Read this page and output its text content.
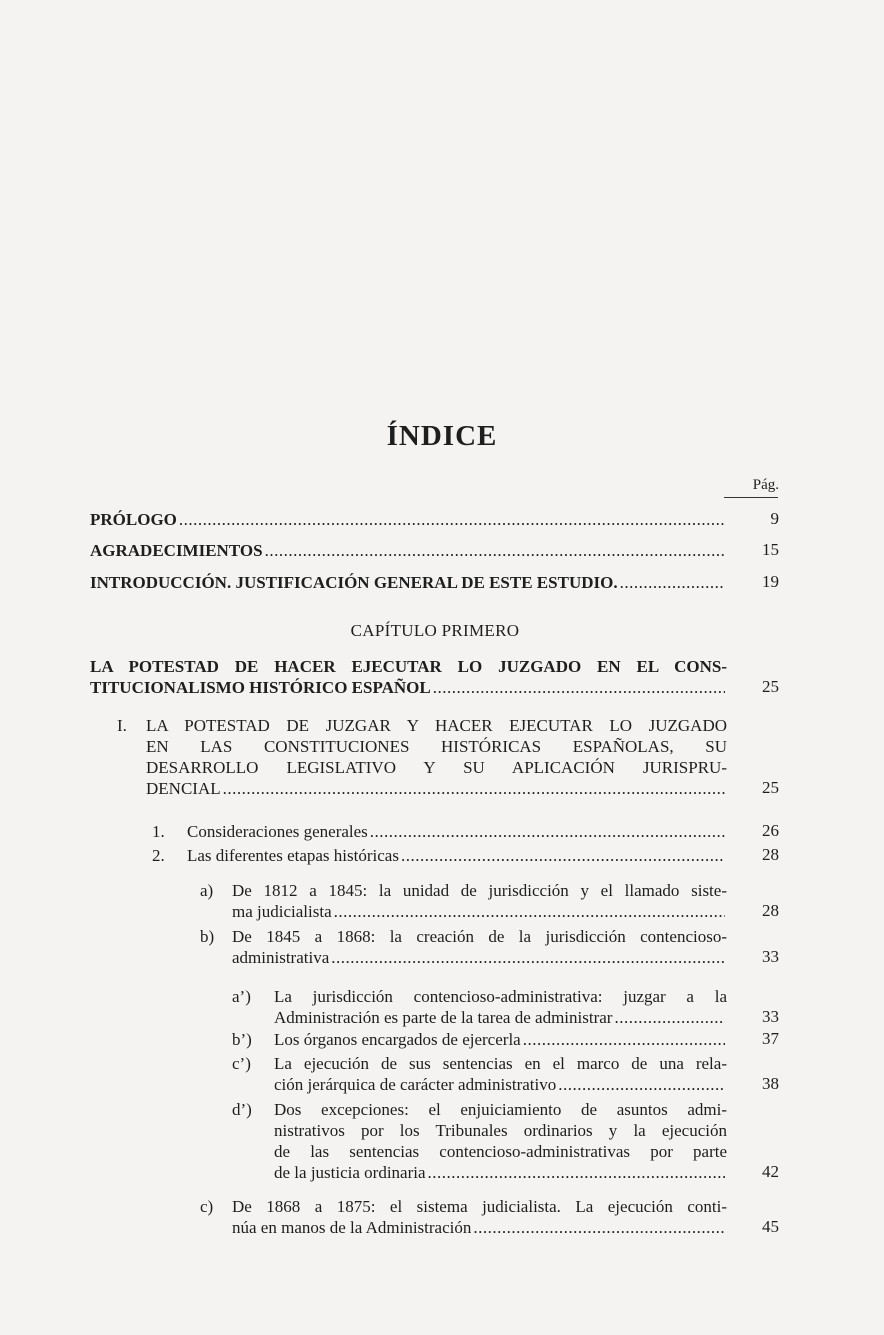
ÍNDICE
Pág.
CAPÍTULO PRIMERO
PRÓLOGO .....	9
AGRADECIMIENTOS .....	15
INTRODUCCIÓN. JUSTIFICACIÓN GENERAL DE ESTE ESTUDIO. .....	19
LA POTESTAD DE HACER EJECUTAR LO JUZGADO EN EL CONS-
TITUCIONALISMO HISTÓRICO ESPAÑOL .....	25
I. LA POTESTAD DE JUZGAR Y HACER EJECUTAR LO JUZGADO
EN LAS CONSTITUCIONES HISTÓRICAS ESPAÑOLAS, SU
DESARROLLO LEGISLATIVO Y SU APLICACIÓN JURISPRU-
DENCIAL .....	25
1. Consideraciones generales .....	26
2. Las diferentes etapas históricas .....	28
a) De 1812 a 1845: la unidad de jurisdicción y el llamado siste-
ma judicialista .....	28
b) De 1845 a 1868: la creación de la jurisdicción contencioso-
administrativa .....	33
a’) La jurisdicción contencioso-administrativa: juzgar a la
Administración es parte de la tarea de administrar .....	33
b’) Los órganos encargados de ejercerla .....	37
c’) La ejecución de sus sentencias en el marco de una rela-
ción jerárquica de carácter administrativo .....	38
d’) Dos excepciones: el enjuiciamiento de asuntos admi-
nistrativos por los Tribunales ordinarios y la ejecución
de las sentencias contencioso-administrativas por parte
de la justicia ordinaria .....	42
c) De 1868 a 1875: el sistema judicialista. La ejecución conti-
núa en manos de la Administración .....	45
